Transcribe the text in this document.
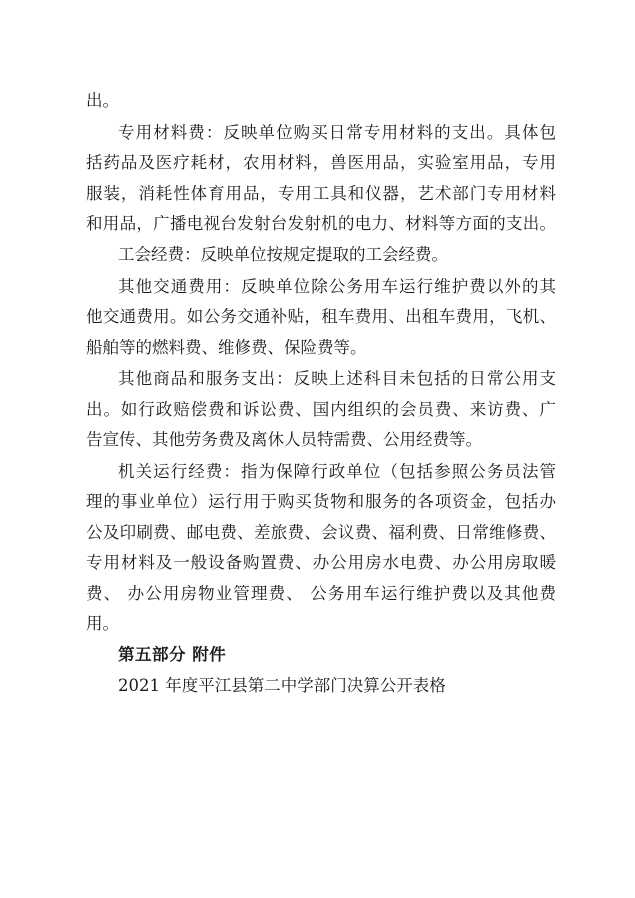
出。
专用材料费：反映单位购买日常专用材料的支出。具体包
括药品及医疗耗材，农用材料，兽医用品，实验室用品，专用
服装，消耗性体育用品，专用工具和仪器，艺术部门专用材料
和用品，广播电视台发射台发射机的电力、材料等方面的支出。
工会经费：反映单位按规定提取的工会经费。
其他交通费用：反映单位除公务用车运行维护费以外的其
他交通费用。如公务交通补贴，租车费用、出租车费用，飞机、
船舶等的燃料费、维修费、保险费等。
其他商品和服务支出：反映上述科目未包括的日常公用支
出。如行政赔偿费和诉讼费、国内组织的会员费、来访费、广
告宣传、其他劳务费及离休人员特需费、公用经费等。
机关运行经费：指为保障行政单位（包括参照公务员法管
理的事业单位）运行用于购买货物和服务的各项资金，包括办
公及印刷费、邮电费、差旅费、会议费、福利费、日常维修费、
专用材料及一般设备购置费、办公用房水电费、办公用房取暖
费、 办公用房物业管理费、 公务用车运行维护费以及其他费
用。
第五部分 附件
2021 年度平江县第二中学部门决算公开表格
